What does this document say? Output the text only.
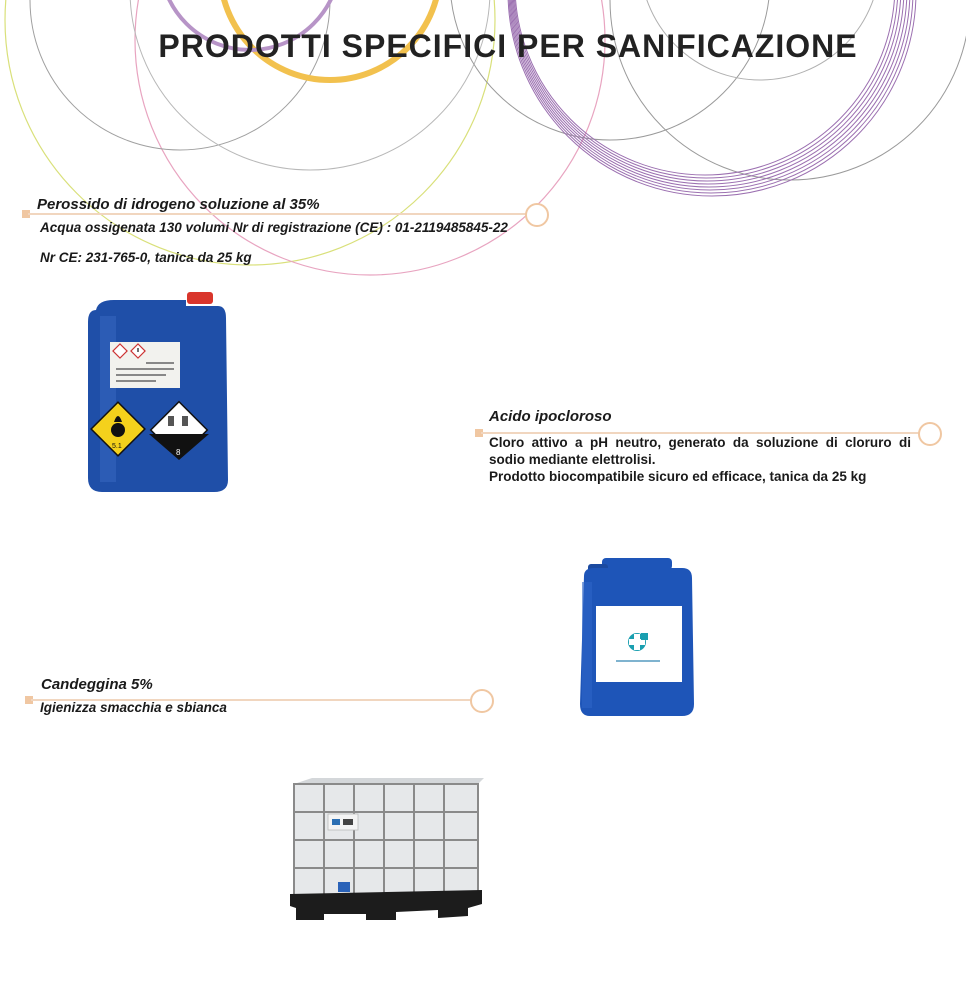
PRODOTTI SPECIFICI PER SANIFICAZIONE
Perossido di idrogeno soluzione al 35%
Acqua ossigenata 130 volumi Nr di registrazione (CE) : 01-2119485845-22
Nr CE: 231-765-0, tanica da 25 kg
5.1
8
Acido ipocloroso
Cloro attivo a pH neutro, generato da soluzione di cloruro di sodio mediante elettrolisi.
Prodotto biocompatibile sicuro ed efficace, tanica da 25 kg
Candeggina 5%
Igienizza smacchia e sbianca
